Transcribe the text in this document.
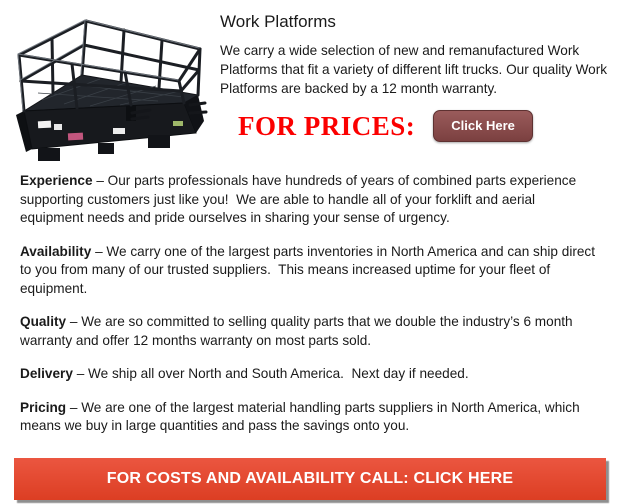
Work Platforms

We carry a wide selection of new and remanufactured Work Platforms that fit a variety of different lift trucks. Our quality Work Platforms are backed by a 12 month warranty.

FOR PRICES:	Click Here

Experience – Our parts professionals have hundreds of years of combined parts experience supporting customers just like you!  We are able to handle all of your forklift and aerial equipment needs and pride ourselves in sharing your sense of urgency.

Availability – We carry one of the largest parts inventories in North America and can ship direct to you from many of our trusted suppliers.  This means increased uptime for your fleet of equipment.

Quality – We are so committed to selling quality parts that we double the industry’s 6 month warranty and offer 12 months warranty on most parts sold.

Delivery – We ship all over North and South America.  Next day if needed.

Pricing – We are one of the largest material handling parts suppliers in North America, which means we buy in large quantities and pass the savings onto you.

FOR COSTS AND AVAILABILITY CALL: CLICK HERE
